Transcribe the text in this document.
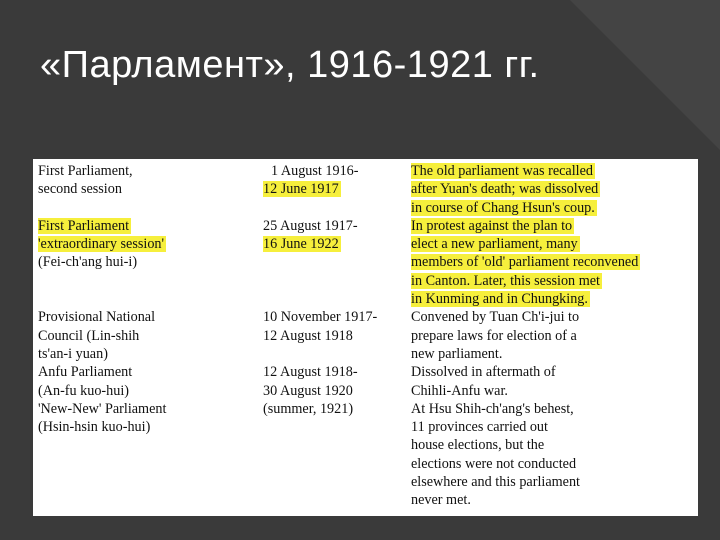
«Парламент», 1916-1921 гг.
First Parliament,
second session
First Parliament
'extraordinary session'
(Fei-ch'ang hui-i)
Provisional National
Council (Lin-shih
ts'an-i yuan)
Anfu Parliament
(An-fu kuo-hui)
'New-New' Parliament
(Hsin-hsin kuo-hui)
1 August 1916-
12 June 1917
25 August 1917-
16 June 1922
10 November 1917-
12 August 1918
12 August 1918-
30 August 1920
(summer, 1921)
The old parliament was recalled
after Yuan's death; was dissolved
in course of Chang Hsun's coup.
In protest against the plan to
elect a new parliament, many
members of 'old' parliament reconvened
in Canton. Later, this session met
in Kunming and in Chungking.
Convened by Tuan Ch'i-jui to
prepare laws for election of a
new parliament.
Dissolved in aftermath of
Chihli-Anfu war.
At Hsu Shih-ch'ang's behest,
11 provinces carried out
house elections, but the
elections were not conducted
elsewhere and this parliament
never met.
